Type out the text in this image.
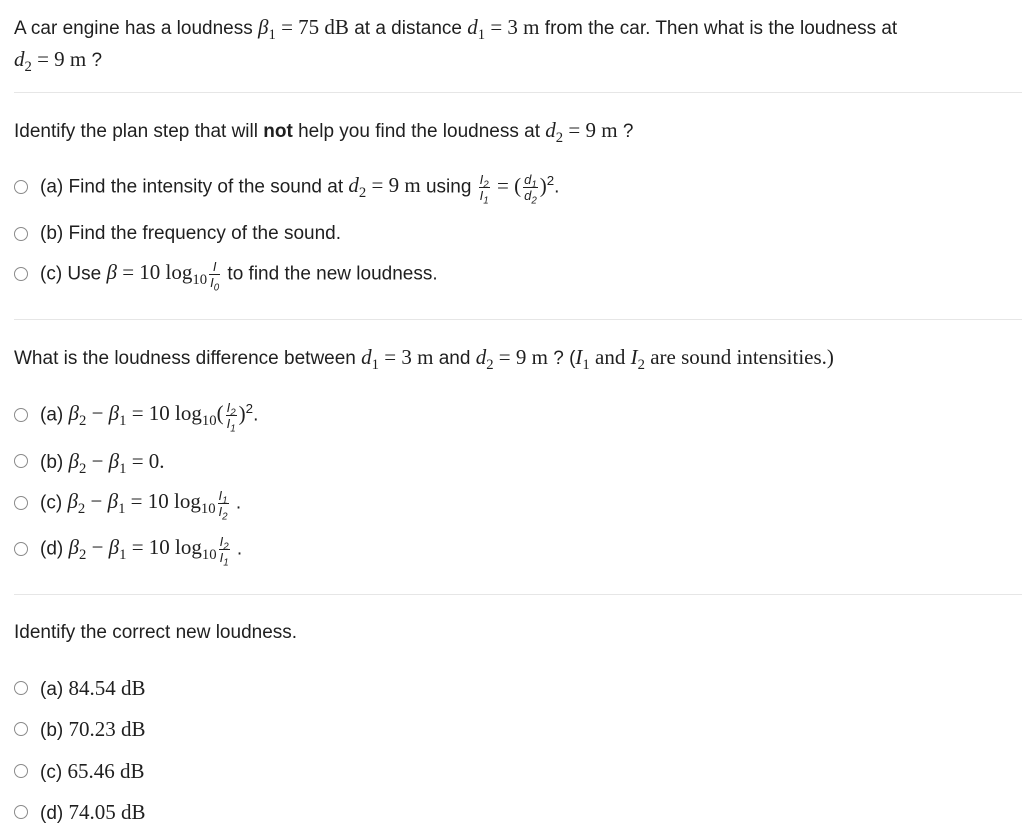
A car engine has a loudness $\beta_1 = 75$ dB at a distance $d_1 = 3$ m from the car. Then what is the loudness at
$d_2 = 9$ m ?
Identify the plan step that will not help you find the loudness at $d_2 = 9$ m ?
(a) Find the intensity of the sound at $d_2 = 9$ m using $\frac{I_2}{I_1}$ = ( $\frac{d_1}{d_2} )^2$.
(b) Find the frequency of the sound.
(c) Use β = 10 $\log_{10} \frac{I}{I_0}$ to find the new loudness.
What is the loudness difference between $d_1 = 3$ m and $d_2 = 9$ m ? ($I_1$ and $I_2$ are sound intensities.)
(a) $\beta_2 - \beta_1 = 10$ $\log_{10}( \frac{I_2}{I_1} )^2$.
(b) $\beta_2 - \beta_1 = 0$.
(c) $\beta_2 - \beta_1 = 10$ $\log_{10} \frac{I_1}{I_2}$ .
(d) $\beta_2 - \beta_1 = 10$ $\log_{10} \frac{I_2}{I_1}$ .
Identify the correct new loudness.
(a) 84.54 dB
(b) 70.23 dB
(c) 65.46 dB
(d) 74.05 dB
